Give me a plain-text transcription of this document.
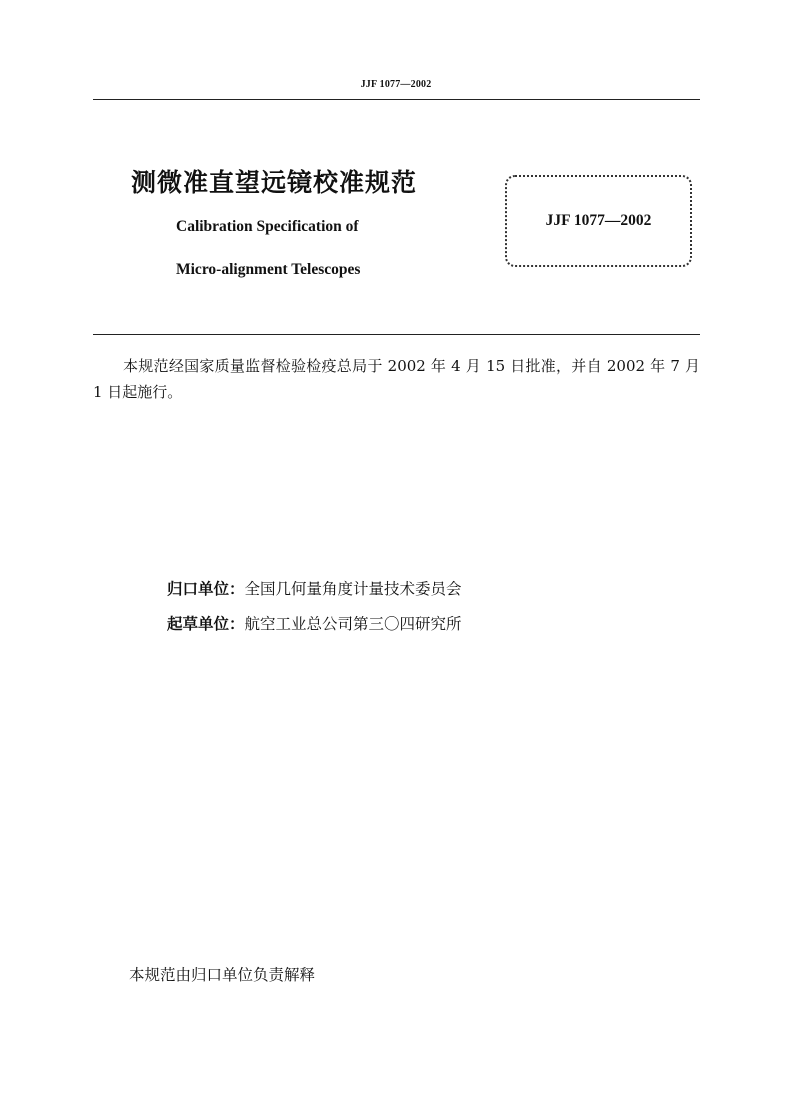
JJF 1077—2002
测微准直望远镜校准规范
Calibration Specification of
Micro-alignment Telescopes
JJF 1077—2002
本规范经国家质量监督检验检疫总局于 2002 年 4 月 15 日批准，并自 2002 年 7 月 1 日起施行。
归口单位：全国几何量角度计量技术委员会
起草单位：航空工业总公司第三〇四研究所
本规范由归口单位负责解释
